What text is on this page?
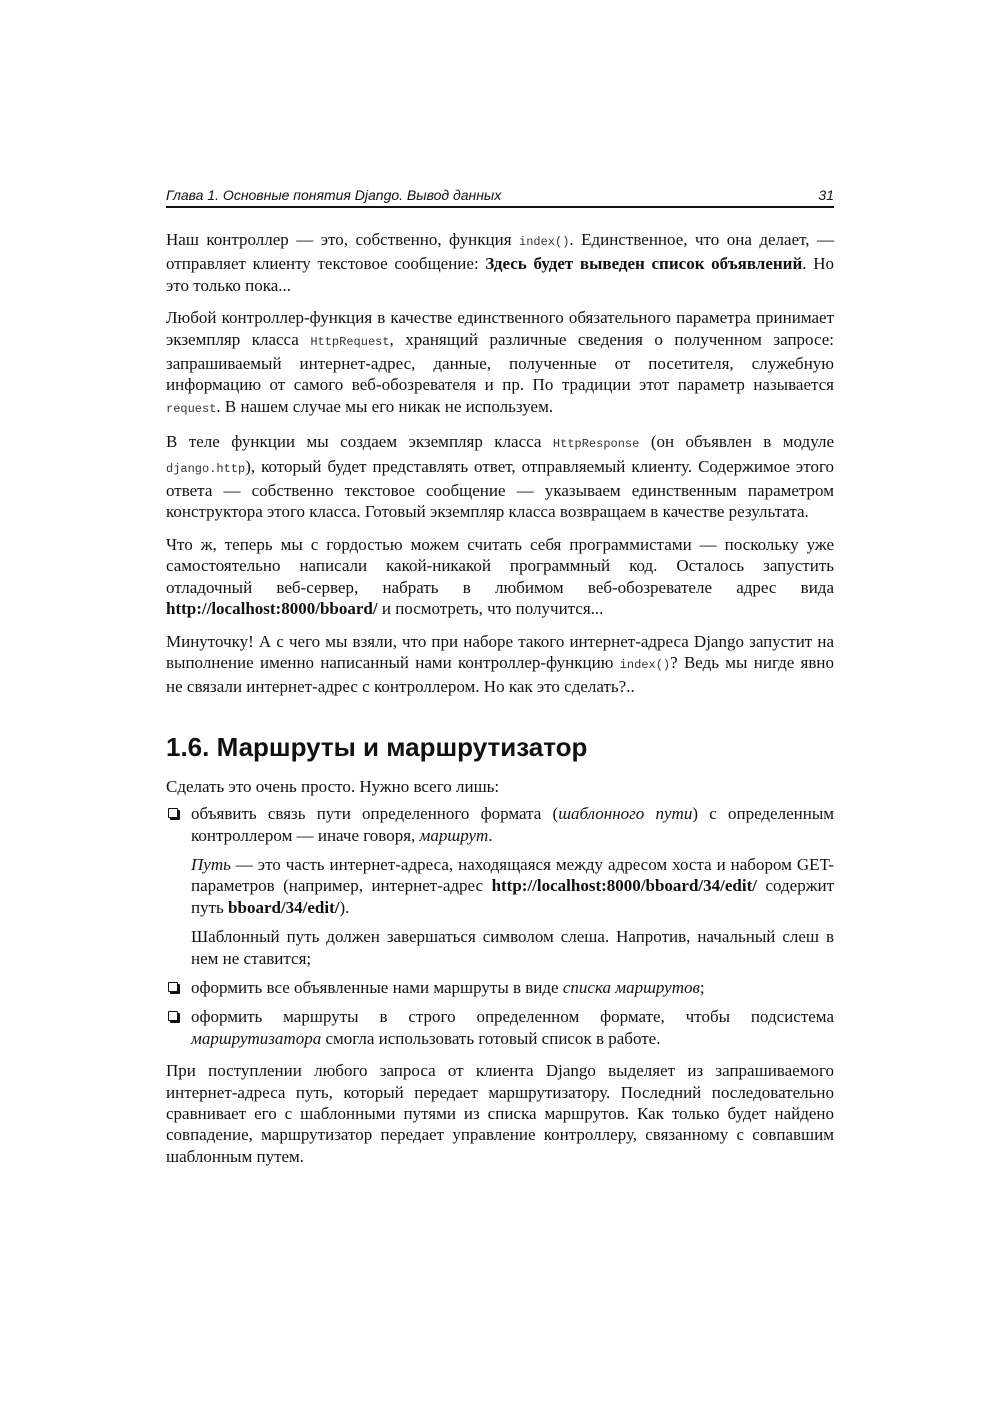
Глава 1. Основные понятия Django. Вывод данных	31

Наш контроллер — это, собственно, функция index(). Единственное, что она делает, — отправляет клиенту текстовое сообщение: Здесь будет выведен список объявлений. Но это только пока...

Любой контроллер-функция в качестве единственного обязательного параметра принимает экземпляр класса HttpRequest, хранящий различные сведения о полученном запросе: запрашиваемый интернет-адрес, данные, полученные от посетителя, служебную информацию от самого веб-обозревателя и пр. По традиции этот параметр называется request. В нашем случае мы его никак не используем.

В теле функции мы создаем экземпляр класса HttpResponse (он объявлен в модуле django.http), который будет представлять ответ, отправляемый клиенту. Содержимое этого ответа — собственно текстовое сообщение — указываем единственным параметром конструктора этого класса. Готовый экземпляр класса возвращаем в качестве результата.

Что ж, теперь мы с гордостью можем считать себя программистами — поскольку уже самостоятельно написали какой-никакой программный код. Осталось запустить отладочный веб-сервер, набрать в любимом веб-обозревателе адрес вида http://localhost:8000/bboard/ и посмотреть, что получится...

Минуточку! А с чего мы взяли, что при наборе такого интернет-адреса Django запустит на выполнение именно написанный нами контроллер-функцию index()? Ведь мы нигде явно не связали интернет-адрес с контроллером. Но как это сделать?..

1.6. Маршруты и маршрутизатор

Сделать это очень просто. Нужно всего лишь:

объявить связь пути определенного формата (шаблонного пути) с определенным контроллером — иначе говоря, маршрут.
Путь — это часть интернет-адреса, находящаяся между адресом хоста и набором GET-параметров (например, интернет-адрес http://localhost:8000/bboard/34/edit/ содержит путь bboard/34/edit/).
Шаблонный путь должен завершаться символом слеша. Напротив, начальный слеш в нем не ставится;
оформить все объявленные нами маршруты в виде списка маршрутов;
оформить маршруты в строго определенном формате, чтобы подсистема маршрутизатора смогла использовать готовый список в работе.

При поступлении любого запроса от клиента Django выделяет из запрашиваемого интернет-адреса путь, который передает маршрутизатору. Последний последовательно сравнивает его с шаблонными путями из списка маршрутов. Как только будет найдено совпадение, маршрутизатор передает управление контроллеру, связанному с совпавшим шаблонным путем.
